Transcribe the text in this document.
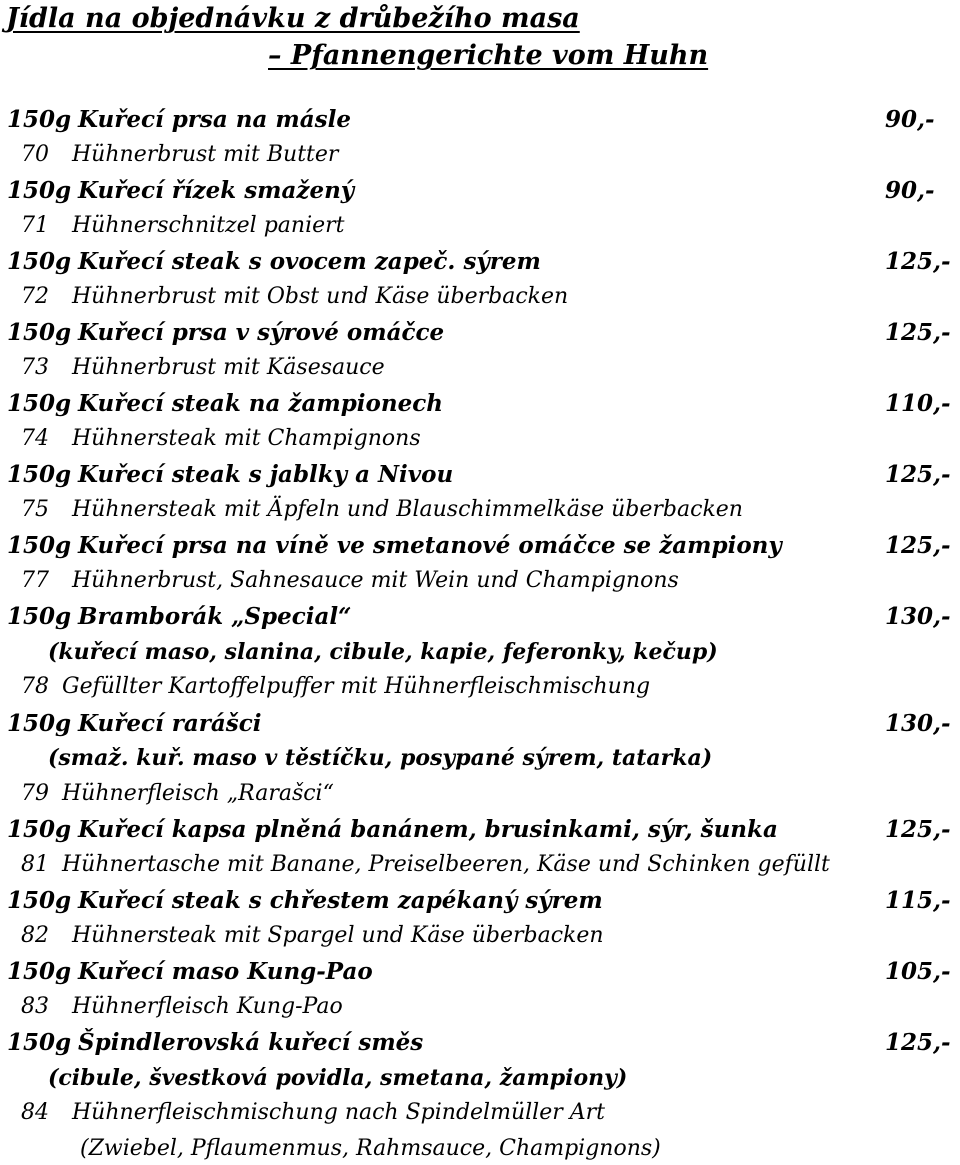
Jídla na objednávku z drůbežího masa
– Pfannengerichte vom Huhn
150g Kuřecí prsa na másle	90,-
70 Hühnerbrust mit Butter
150g Kuřecí řízek smažený	90,-
71 Hühnerschnitzel paniert
150g Kuřecí steak s ovocem zapeč. sýrem	125,-
72 Hühnerbrust mit Obst und Käse überbacken
150g Kuřecí prsa v sýrové omáčce	125,-
73 Hühnerbrust mit Käsesauce
150g Kuřecí steak na žampionech	110,-
74 Hühnersteak mit Champignons
150g Kuřecí steak s jablky a Nivou	125,-
75 Hühnersteak mit Äpfeln und Blauschimmelkäse überbacken
150g Kuřecí prsa na víně ve smetanové omáčce se žampiony	125,-
77 Hühnerbrust, Sahnesauce mit Wein und Champignons
150g Bramborák „Special“	130,-
(kuřecí maso, slanina, cibule, kapie, feferonky, kečup)
78 Gefüllter Kartoffelpuffer mit Hühnerfleischmischung
150g Kuřecí rarášci	130,-
(smaž. kuř. maso v těstíčku, posypané sýrem, tatarka)
79 Hühnerfleisch „Rarašci“
150g Kuřecí kapsa plněná banánem, brusinkami, sýr, šunka	125,-
81 Hühnertasche mit Banane, Preiselbeeren, Käse und Schinken gefüllt
150g Kuřecí steak s chřestem zapékaný sýrem	115,-
82 Hühnersteak mit Spargel und Käse überbacken
150g Kuřecí maso Kung-Pao	105,-
83 Hühnerfleisch Kung-Pao
150g Špindlerovská kuřecí směs	125,-
(cibule, švestková povidla, smetana, žampiony)
84 Hühnerfleischmischung nach Spindelmüller Art
(Zwiebel, Pflaumenmus, Rahmsauce, Champignons)
